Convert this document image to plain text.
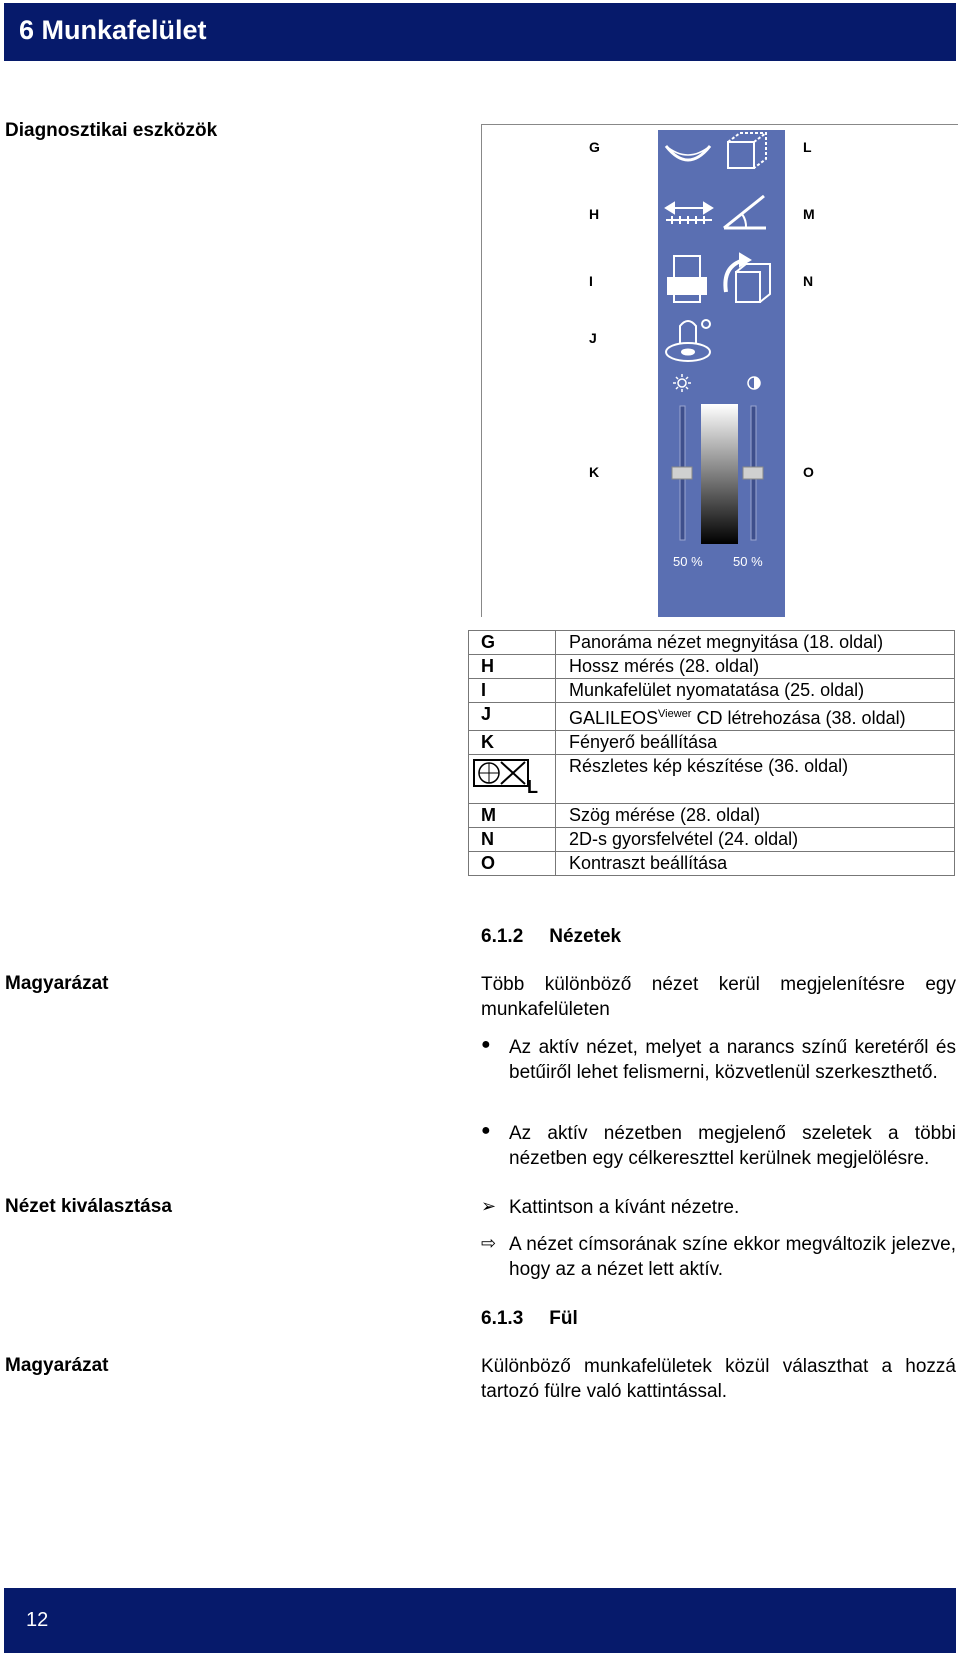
6 Munkafelület
Diagnosztikai eszközök
G
H
I
J
K
L
M
N
O
50 % 50 %
G	Panoráma nézet megnyitása (18. oldal)
H	Hossz mérés (28. oldal)
I	Munkafelület nyomatatása (25. oldal)
J	$GALILEOS^{Viewer}$ CD létrehozása (38. oldal)
K	Fényerő beállítása

L	Részletes kép készítése (36. oldal)
M	Szög mérése (28. oldal)
N	2D-s gyorsfelvétel (24. oldal)
O	Kontraszt beállítása
6.1.2 Nézetek
Magyarázat	Több különböző nézet kerül megjelenítésre egy munkafelületen
● Az aktív nézet, melyet a narancs színű keretéről és betűiről lehet felismerni, közvetlenül szerkeszthető.
● Az aktív nézetben megjelenő szeletek a többi nézetben egy célkereszttel kerülnek megjelölésre.
Nézet kiválasztása	➢ Kattintson a kívánt nézetre.
⇨ A nézet címsorának színe ekkor megváltozik jelezve, hogy az a nézet lett aktív.
6.1.3 Fül
Magyarázat	Különböző munkafelületek közül választhat a hozzá tartozó fülre való kattintással.
12
